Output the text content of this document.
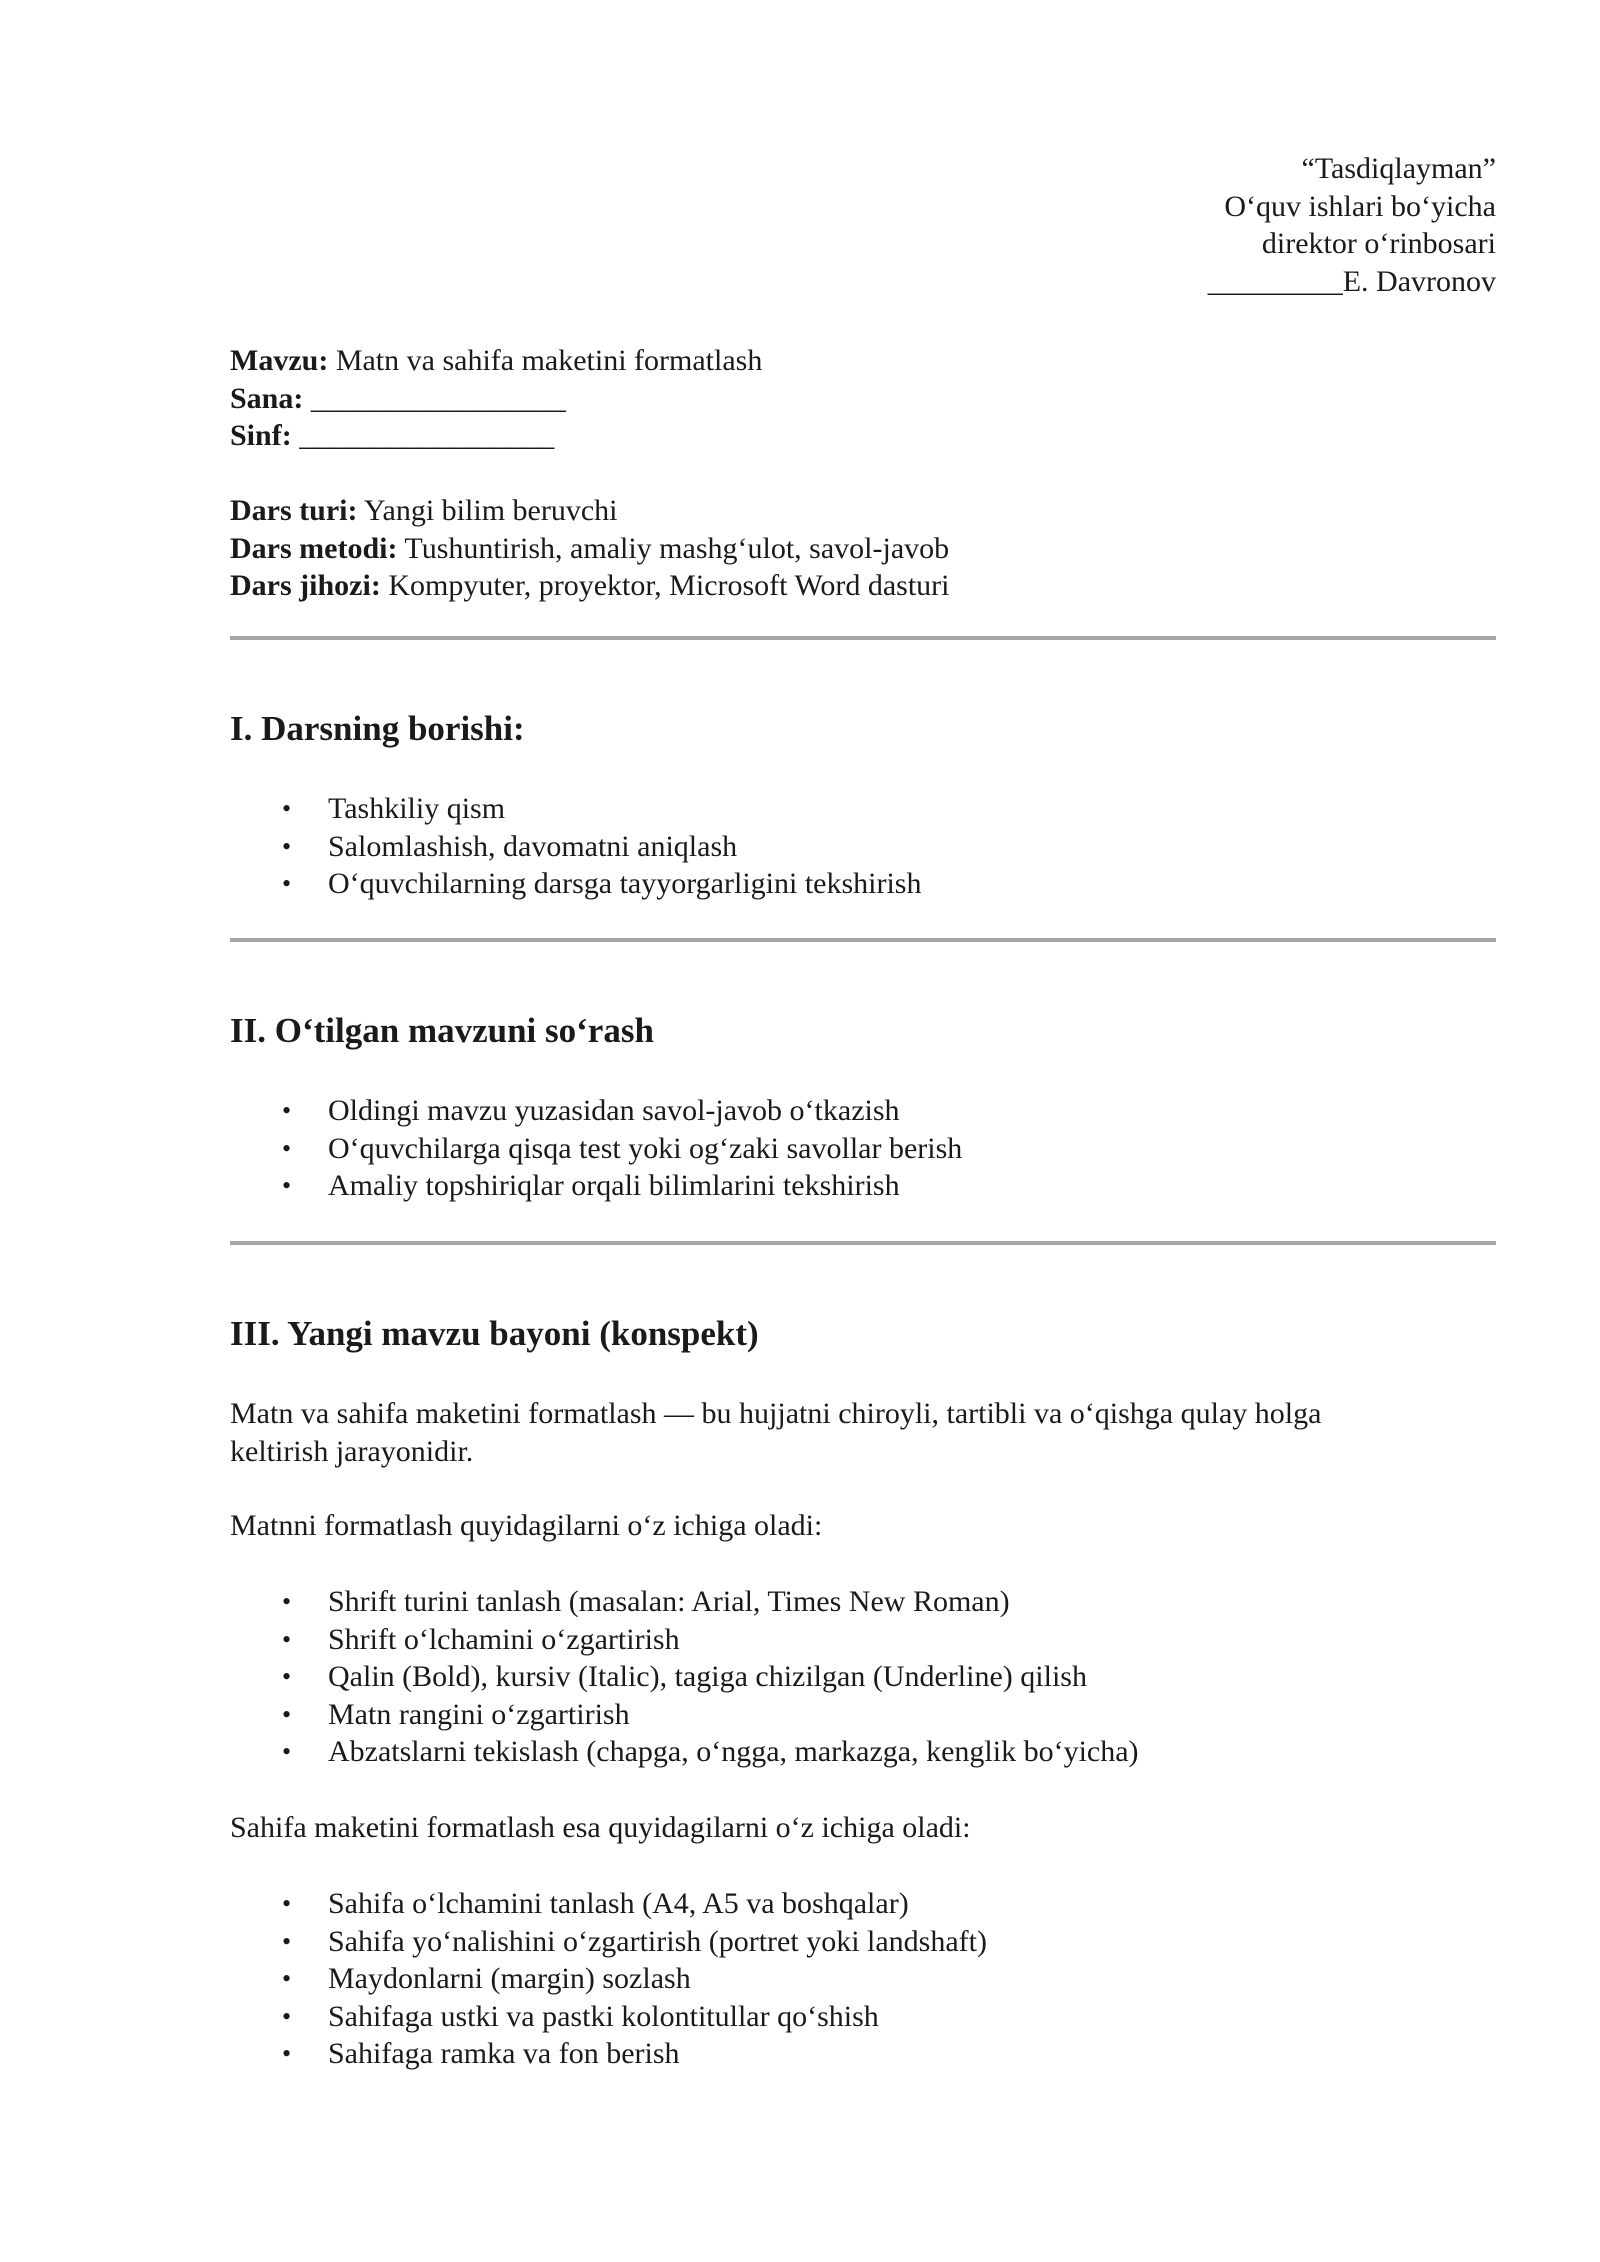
“Tasdiqlayman”
O‘quv ishlari bo‘yicha
direktor o‘rinbosari
_________E. Davronov
Mavzu: Matn va sahifa maketini formatlash
Sana: _________________
Sinf: _________________
Dars turi: Yangi bilim beruvchi
Dars metodi: Tushuntirish, amaliy mashg‘ulot, savol-javob
Dars jihozi: Kompyuter, proyektor, Microsoft Word dasturi
I. Darsning borishi:
• Tashkiliy qism
• Salomlashish, davomatni aniqlash
• O‘quvchilarning darsga tayyorgarligini tekshirish
II. O‘tilgan mavzuni so‘rash
• Oldingi mavzu yuzasidan savol-javob o‘tkazish
• O‘quvchilarga qisqa test yoki og‘zaki savollar berish
• Amaliy topshiriqlar orqali bilimlarini tekshirish
III. Yangi mavzu bayoni (konspekt)
Matn va sahifa maketini formatlash — bu hujjatni chiroyli, tartibli va o‘qishga qulay holga
keltirish jarayonidir.
Matnni formatlash quyidagilarni o‘z ichiga oladi:
• Shrift turini tanlash (masalan: Arial, Times New Roman)
• Shrift o‘lchamini o‘zgartirish
• Qalin (Bold), kursiv (Italic), tagiga chizilgan (Underline) qilish
• Matn rangini o‘zgartirish
• Abzatslarni tekislash (chapga, o‘ngga, markazga, kenglik bo‘yicha)
Sahifa maketini formatlash esa quyidagilarni o‘z ichiga oladi:
• Sahifa o‘lchamini tanlash (A4, A5 va boshqalar)
• Sahifa yo‘nalishini o‘zgartirish (portret yoki landshaft)
• Maydonlarni (margin) sozlash
• Sahifaga ustki va pastki kolontitullar qo‘shish
• Sahifaga ramka va fon berish
